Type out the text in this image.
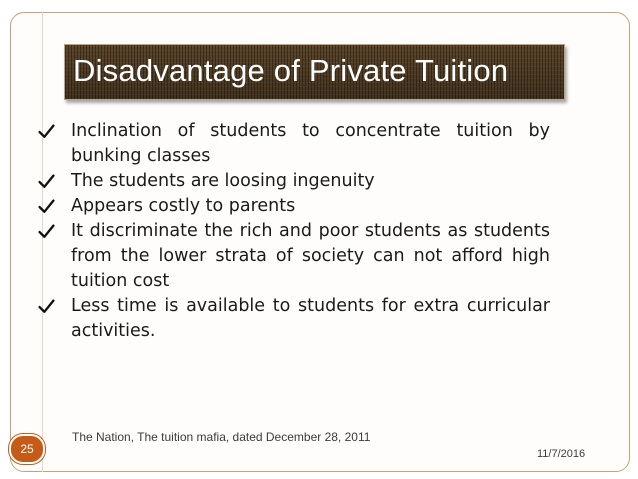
Disadvantage of Private Tuition
Inclination of students to concentrate tuition by bunking classes
The students are loosing ingenuity
Appears costly to parents
It discriminate the rich and poor students as students from the lower strata of society can not afford high tuition cost
Less time is available to students for extra curricular activities.
The Nation, The tuition mafia, dated December 28, 2011
11/7/2016
25
